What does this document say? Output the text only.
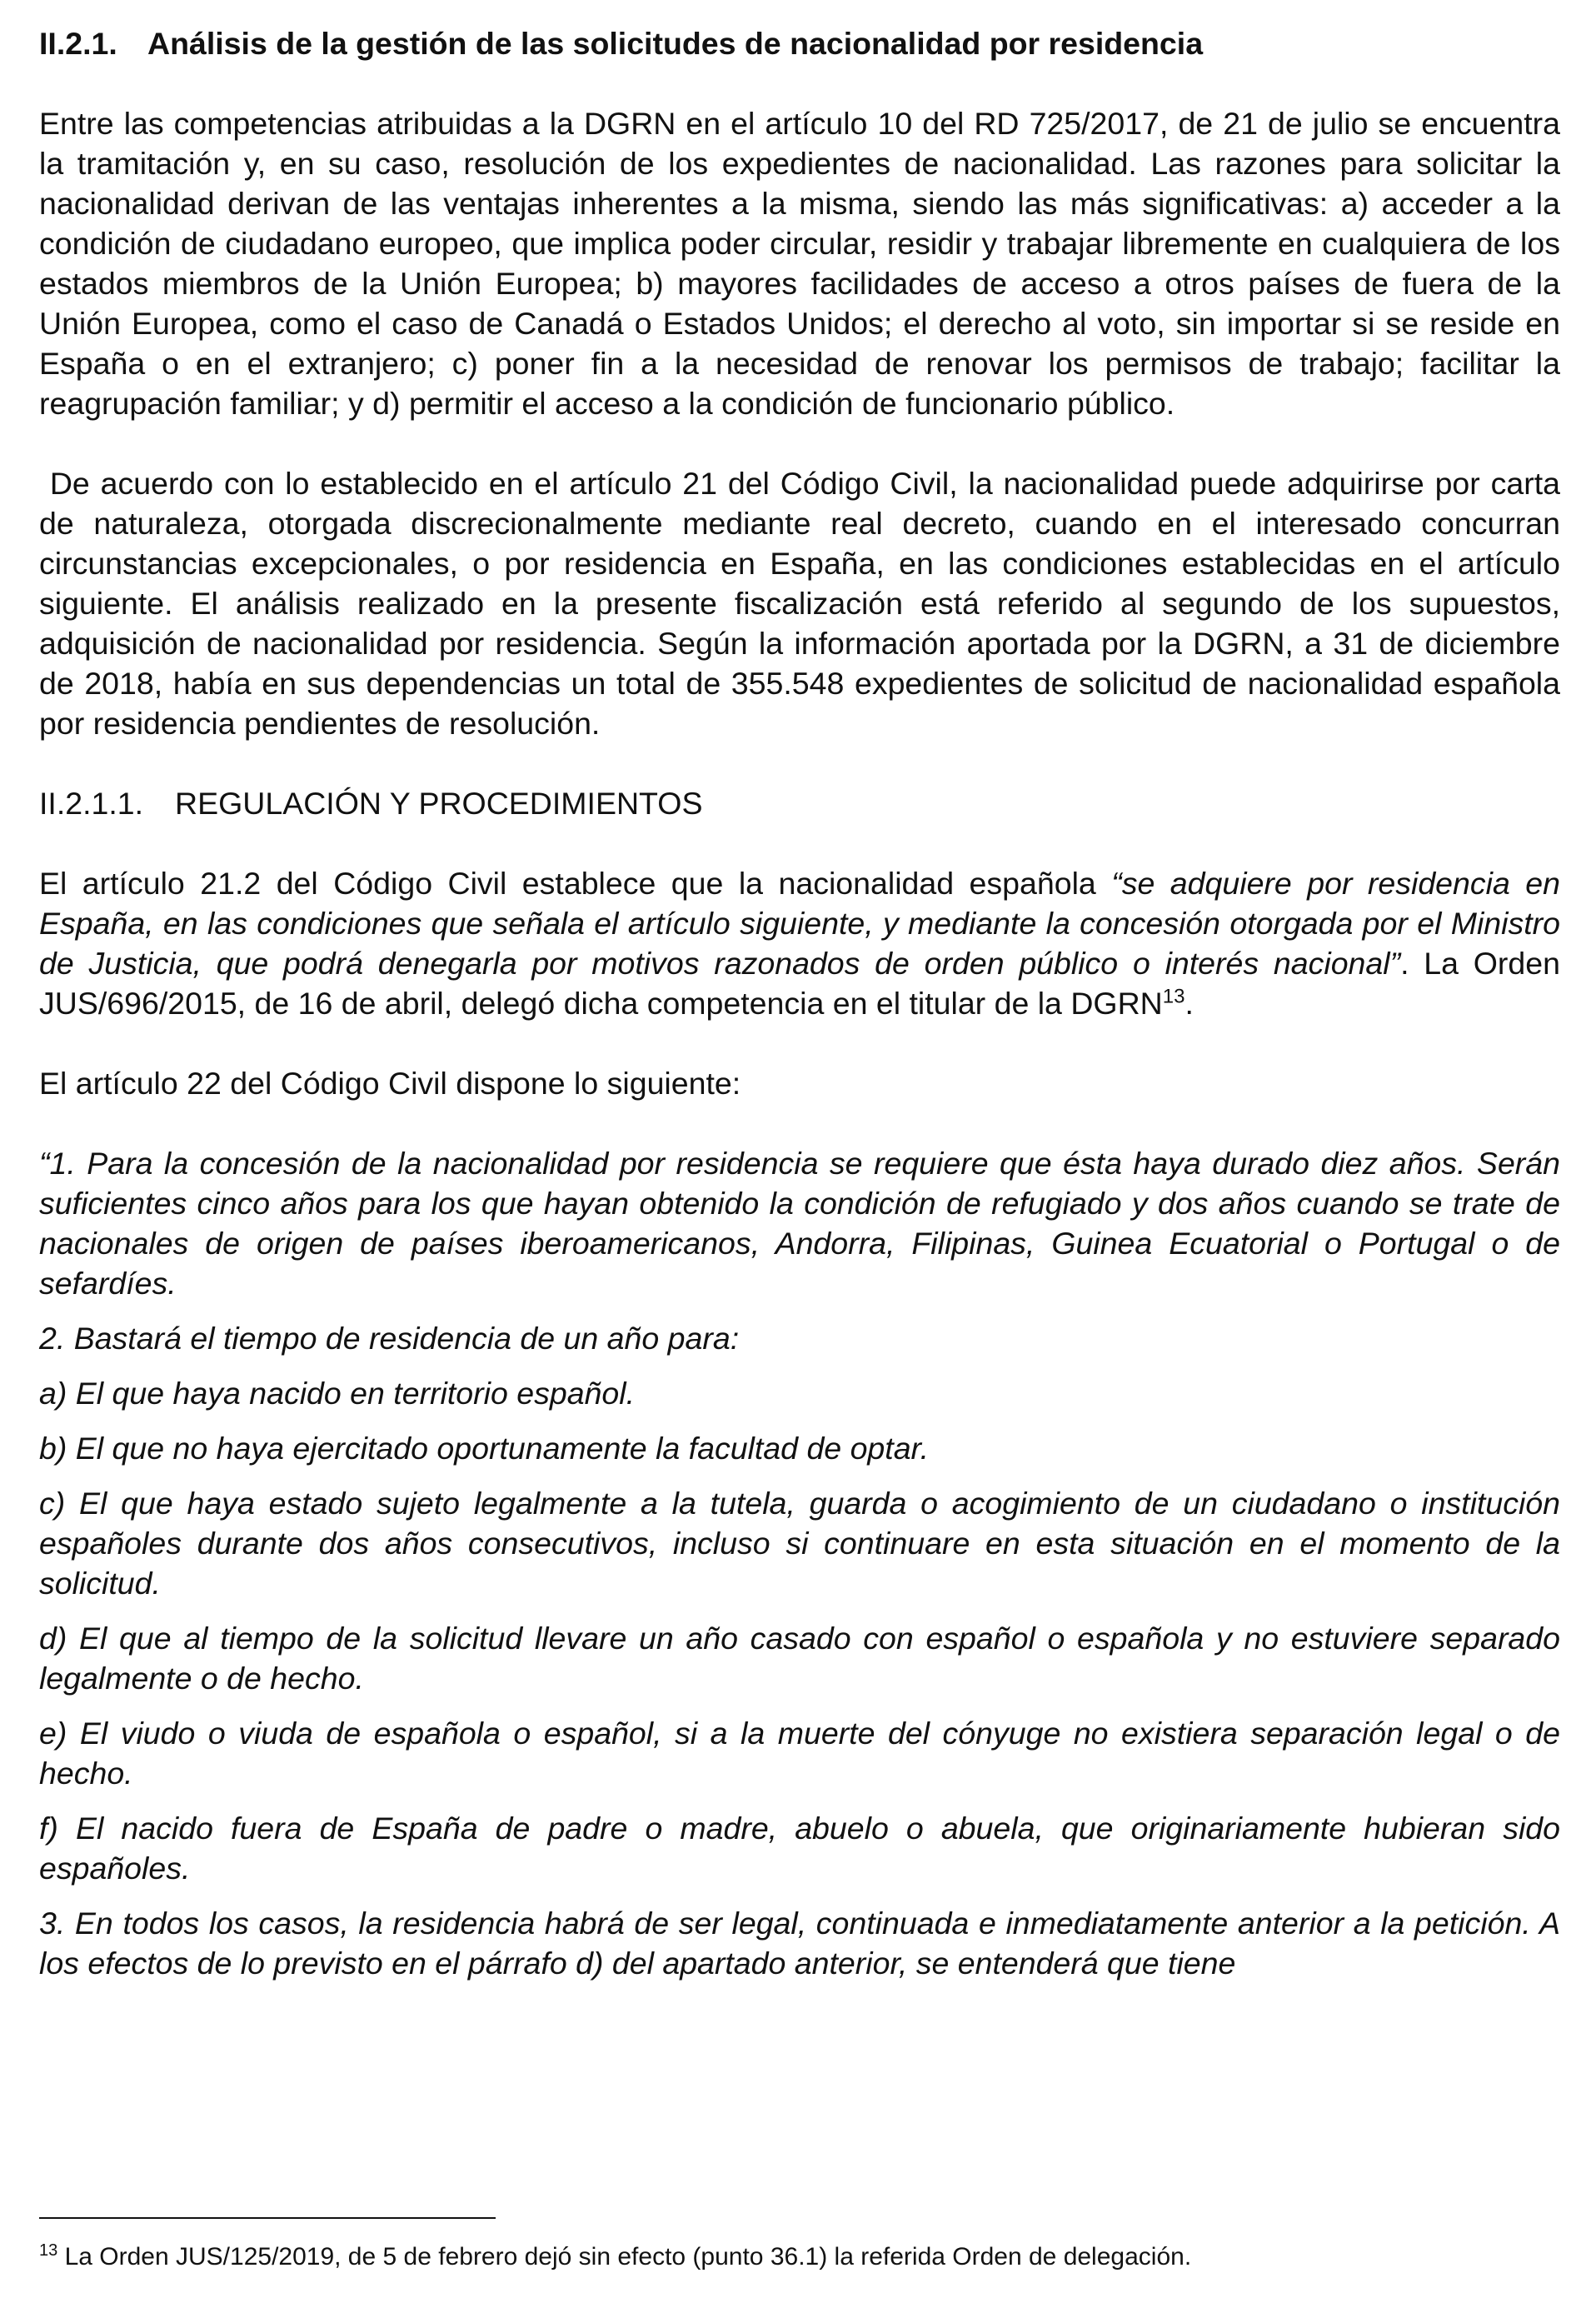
II.2.1. Análisis de la gestión de las solicitudes de nacionalidad por residencia

Entre las competencias atribuidas a la DGRN en el artículo 10 del RD 725/2017, de 21 de julio se encuentra la tramitación y, en su caso, resolución de los expedientes de nacionalidad. Las razones para solicitar la nacionalidad derivan de las ventajas inherentes a la misma, siendo las más significativas: a) acceder a la condición de ciudadano europeo, que implica poder circular, residir y trabajar libremente en cualquiera de los estados miembros de la Unión Europea; b) mayores facilidades de acceso a otros países de fuera de la Unión Europea, como el caso de Canadá o Estados Unidos; el derecho al voto, sin importar si se reside en España o en el extranjero; c) poner fin a la necesidad de renovar los permisos de trabajo; facilitar la reagrupación familiar; y d) permitir el acceso a la condición de funcionario público.

De acuerdo con lo establecido en el artículo 21 del Código Civil, la nacionalidad puede adquirirse por carta de naturaleza, otorgada discrecionalmente mediante real decreto, cuando en el interesado concurran circunstancias excepcionales, o por residencia en España, en las condiciones establecidas en el artículo siguiente. El análisis realizado en la presente fiscalización está referido al segundo de los supuestos, adquisición de nacionalidad por residencia. Según la información aportada por la DGRN, a 31 de diciembre de 2018, había en sus dependencias un total de 355.548 expedientes de solicitud de nacionalidad española por residencia pendientes de resolución.

II.2.1.1. REGULACIÓN Y PROCEDIMIENTOS

El artículo 21.2 del Código Civil establece que la nacionalidad española “se adquiere por residencia en España, en las condiciones que señala el artículo siguiente, y mediante la concesión otorgada por el Ministro de Justicia, que podrá denegarla por motivos razonados de orden público o interés nacional”. La Orden JUS/696/2015, de 16 de abril, delegó dicha competencia en el titular de la DGRN$^{13}$.

El artículo 22 del Código Civil dispone lo siguiente:

“1. Para la concesión de la nacionalidad por residencia se requiere que ésta haya durado diez años. Serán suficientes cinco años para los que hayan obtenido la condición de refugiado y dos años cuando se trate de nacionales de origen de países iberoamericanos, Andorra, Filipinas, Guinea Ecuatorial o Portugal o de sefardíes.

2. Bastará el tiempo de residencia de un año para:

a) El que haya nacido en territorio español.

b) El que no haya ejercitado oportunamente la facultad de optar.

c) El que haya estado sujeto legalmente a la tutela, guarda o acogimiento de un ciudadano o institución españoles durante dos años consecutivos, incluso si continuare en esta situación en el momento de la solicitud.

d) El que al tiempo de la solicitud llevare un año casado con español o española y no estuviere separado legalmente o de hecho.

e) El viudo o viuda de española o español, si a la muerte del cónyuge no existiera separación legal o de hecho.

f) El nacido fuera de España de padre o madre, abuelo o abuela, que originariamente hubieran sido españoles.

3. En todos los casos, la residencia habrá de ser legal, continuada e inmediatamente anterior a la petición. A los efectos de lo previsto en el párrafo d) del apartado anterior, se entenderá que tiene

$^{13}$ La Orden JUS/125/2019, de 5 de febrero dejó sin efecto (punto 36.1) la referida Orden de delegación.
